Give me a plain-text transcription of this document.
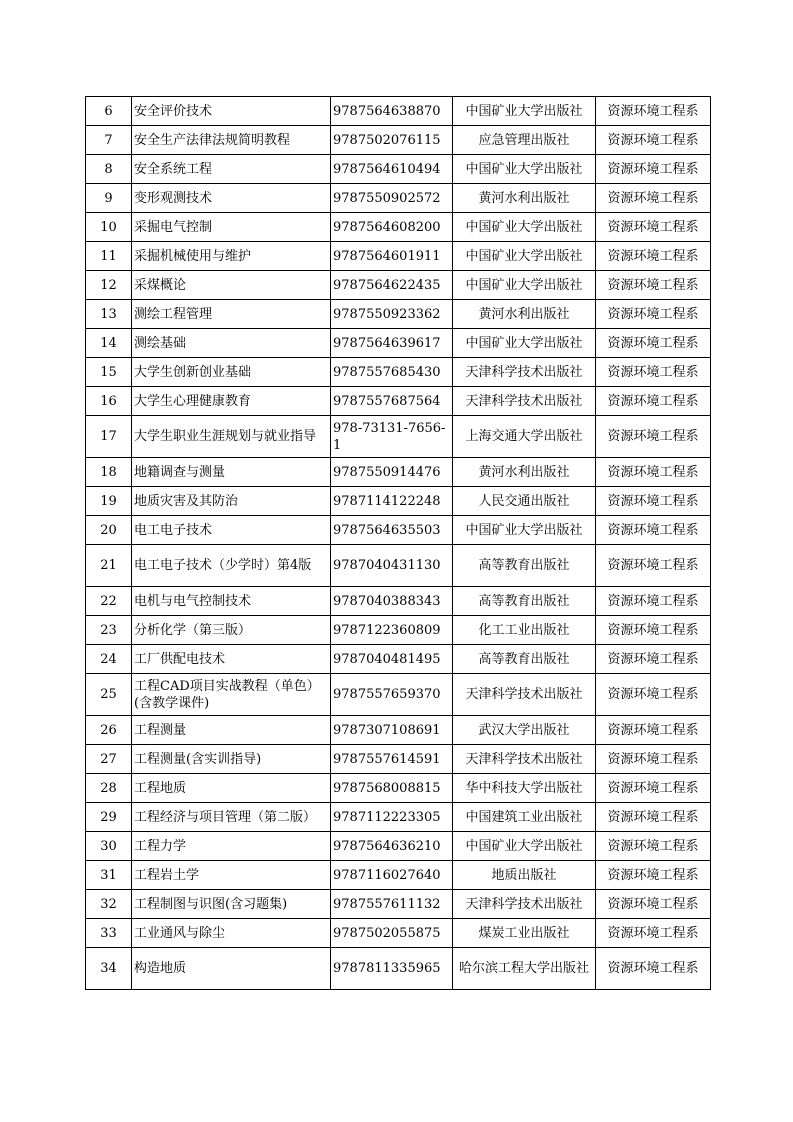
6	安全评价技术	9787564638870	中国矿业大学出版社	资源环境工程系
7	安全生产法律法规简明教程	9787502076115	应急管理出版社	资源环境工程系
8	安全系统工程	9787564610494	中国矿业大学出版社	资源环境工程系
9	变形观测技术	9787550902572	黄河水利出版社	资源环境工程系
10	采掘电气控制	9787564608200	中国矿业大学出版社	资源环境工程系
11	采掘机械使用与维护	9787564601911	中国矿业大学出版社	资源环境工程系
12	采煤概论	9787564622435	中国矿业大学出版社	资源环境工程系
13	测绘工程管理	9787550923362	黄河水利出版社	资源环境工程系
14	测绘基础	9787564639617	中国矿业大学出版社	资源环境工程系
15	大学生创新创业基础	9787557685430	天津科学技术出版社	资源环境工程系
16	大学生心理健康教育	9787557687564	天津科学技术出版社	资源环境工程系
17	大学生职业生涯规划与就业指导	978-73131-7656-1	上海交通大学出版社	资源环境工程系
18	地籍调查与测量	9787550914476	黄河水利出版社	资源环境工程系
19	地质灾害及其防治	9787114122248	人民交通出版社	资源环境工程系
20	电工电子技术	9787564635503	中国矿业大学出版社	资源环境工程系
21	电工电子技术（少学时）第4版	9787040431130	高等教育出版社	资源环境工程系
22	电机与电气控制技术	9787040388343	高等教育出版社	资源环境工程系
23	分析化学（第三版）	9787122360809	化工工业出版社	资源环境工程系
24	工厂供配电技术	9787040481495	高等教育出版社	资源环境工程系
25	工程CAD项目实战教程（单色）(含教学课件)	9787557659370	天津科学技术出版社	资源环境工程系
26	工程测量	9787307108691	武汉大学出版社	资源环境工程系
27	工程测量(含实训指导)	9787557614591	天津科学技术出版社	资源环境工程系
28	工程地质	9787568008815	华中科技大学出版社	资源环境工程系
29	工程经济与项目管理（第二版）	9787112223305	中国建筑工业出版社	资源环境工程系
30	工程力学	9787564636210	中国矿业大学出版社	资源环境工程系
31	工程岩土学	9787116027640	地质出版社	资源环境工程系
32	工程制图与识图(含习题集)	9787557611132	天津科学技术出版社	资源环境工程系
33	工业通风与除尘	9787502055875	煤炭工业出版社	资源环境工程系
34	构造地质	9787811335965	哈尔滨工程大学出版社	资源环境工程系
